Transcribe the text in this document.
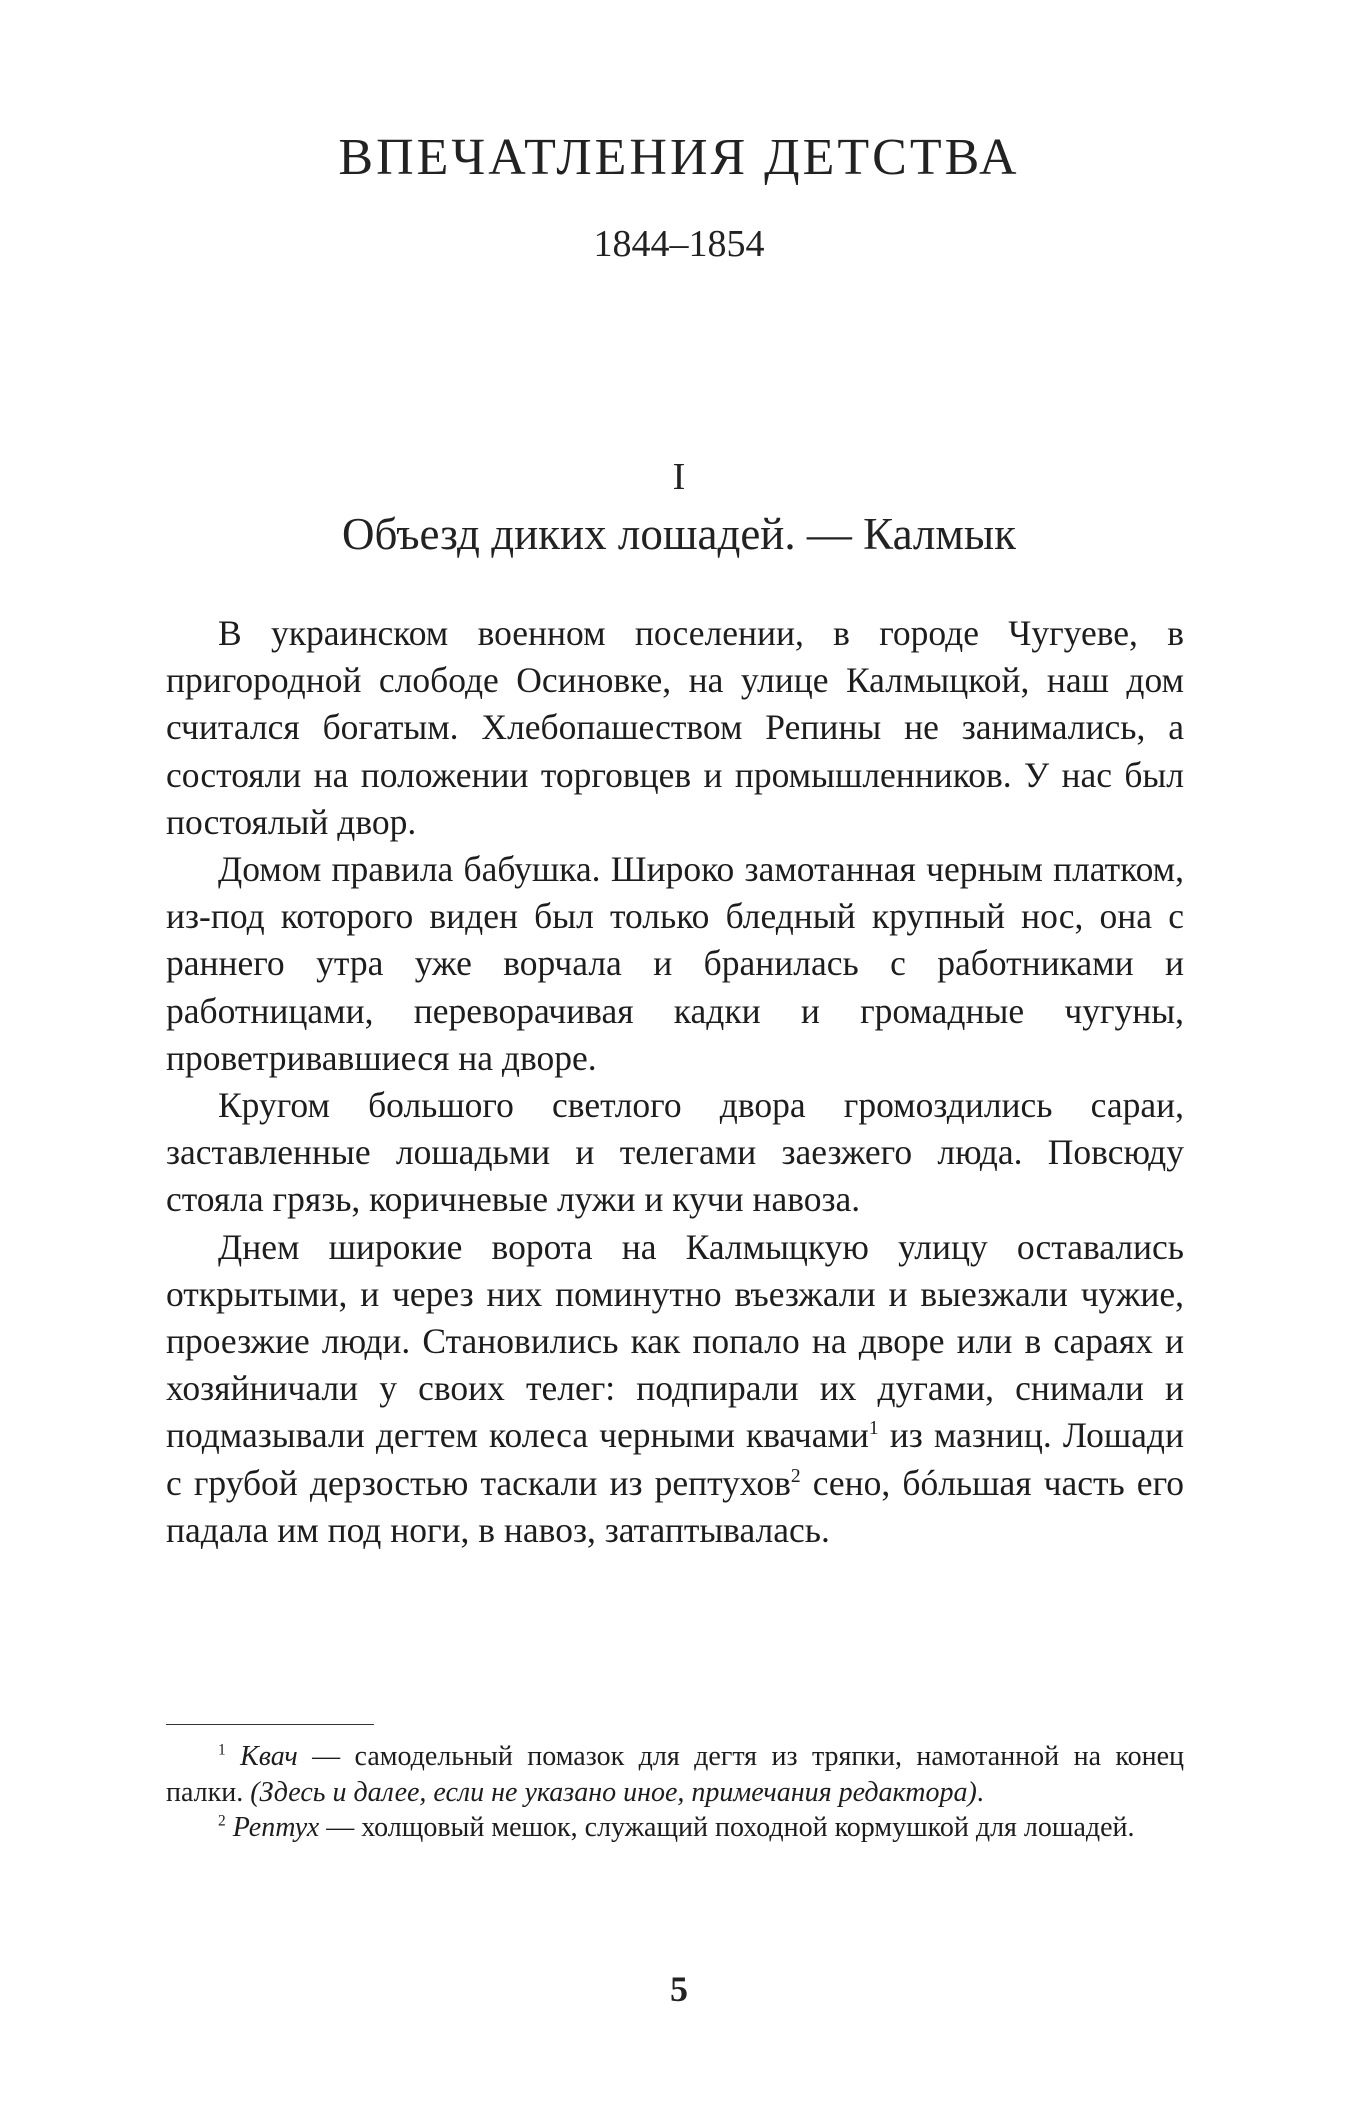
ВПЕЧАТЛЕНИЯ ДЕТСТВА
1844–1854
I
Объезд диких лошадей. — Калмык

В украинском военном поселении, в городе Чугуеве, в пригородной слободе Осиновке, на улице Калмыцкой, наш дом считался богатым. Хлебопашеством Репины не занимались, а состояли на положении торговцев и промышленников. У нас был постоялый двор.

Домом правила бабушка. Широко замотанная черным платком, из-под которого виден был только бледный крупный нос, она с раннего утра уже ворчала и бранилась с работниками и работницами, переворачивая кадки и громадные чугуны, проветривавшиеся на дворе.

Кругом большого светлого двора громоздились сараи, заставленные лошадьми и телегами заезжего люда. Повсюду стояла грязь, коричневые лужи и кучи навоза.

Днем широкие ворота на Калмыцкую улицу оставались открытыми, и через них поминутно въезжали и выезжали чужие, проезжие люди. Становились как попало на дворе или в сараях и хозяйничали у своих телег: подпирали их дугами, снимали и подмазывали дегтем колеса черными квачами$^1$ из мазниц. Лошади с грубой дерзостью таскали из рептухов$^2$ сено, бóльшая часть его падала им под ноги, в навоз, затаптывалась.

$^1$ Квач — самодельный помазок для дегтя из тряпки, намотанной на конец палки. (Здесь и далее, если не указано иное, примечания редактора).

$^2$ Рептух — холщовый мешок, служащий походной кормушкой для лошадей.

5
